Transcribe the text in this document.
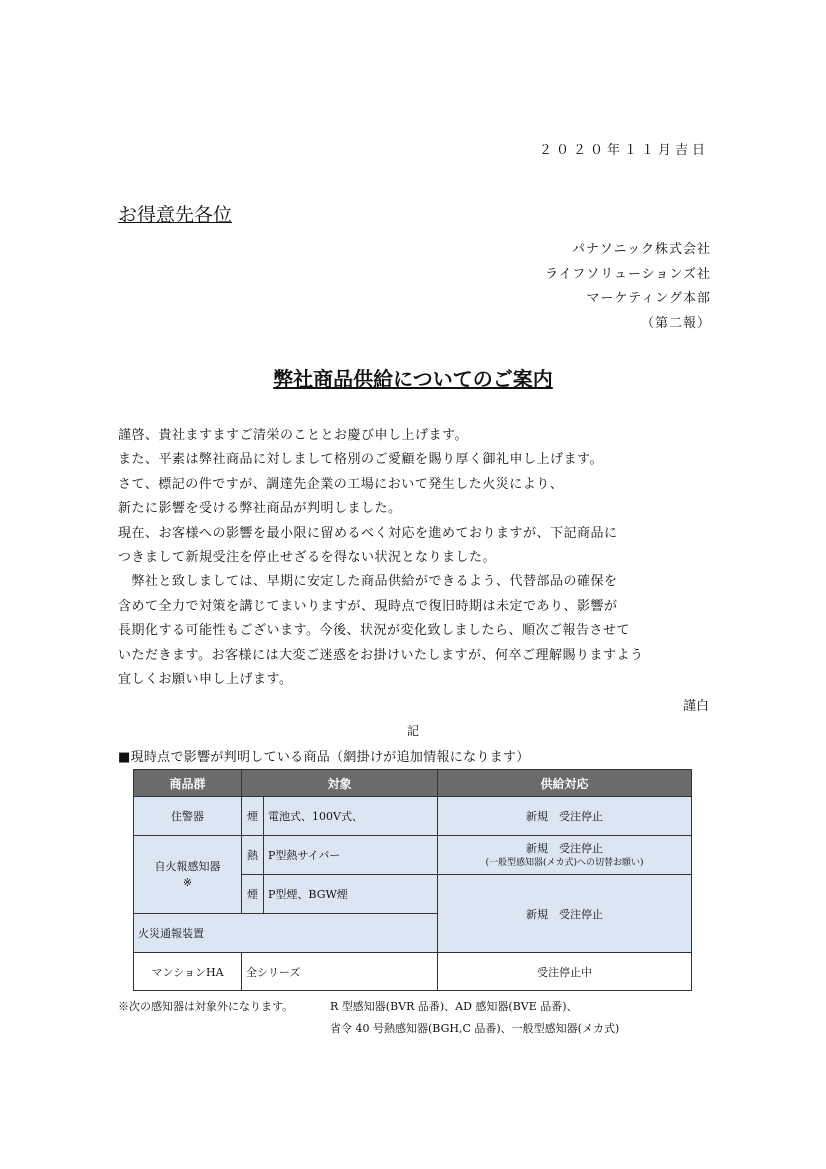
２０２０年１１月吉日
お得意先各位
パナソニック株式会社
ライフソリューションズ社
マーケティング本部
（第二報）
弊社商品供給についてのご案内
謹啓、貴社ますますご清栄のこととお慶び申し上げます。
また、平素は弊社商品に対しまして格別のご愛顧を賜り厚く御礼申し上げます。
さて、標記の件ですが、調達先企業の工場において発生した火災により、
新たに影響を受ける弊社商品が判明しました。
現在、お客様への影響を最小限に留めるべく対応を進めておりますが、下記商品に
つきまして新規受注を停止せざるを得ない状況となりました。
　弊社と致しましては、早期に安定した商品供給ができるよう、代替部品の確保を
含めて全力で対策を講じてまいりますが、現時点で復旧時期は未定であり、影響が
長期化する可能性もございます。今後、状況が変化致しましたら、順次ご報告させて
いただきます。お客様には大変ご迷惑をお掛けいたしますが、何卒ご理解賜りますよう
宜しくお願い申し上げます。
謹白
記
■現時点で影響が判明している商品（網掛けが追加情報になります）
商品群	対象		供給対応
住警器	煙	電池式、100V式、	新規　受注停止

自火報感知器
※	熱	P型熱サイバー	新規　受注停止
(一般型感知器(メカ式)への切替お願い)

	煙	P型煙、BGW煙	新規　受注停止
火災通報装置			
マンションHA	全シリーズ		受注停止中
※次の感知器は対象外になります。	R 型感知器(BVR 品番)、AD 感知器(BVE 品番)、
省令 40 号熱感知器(BGH,C 品番)、一般型感知器(メカ式)
